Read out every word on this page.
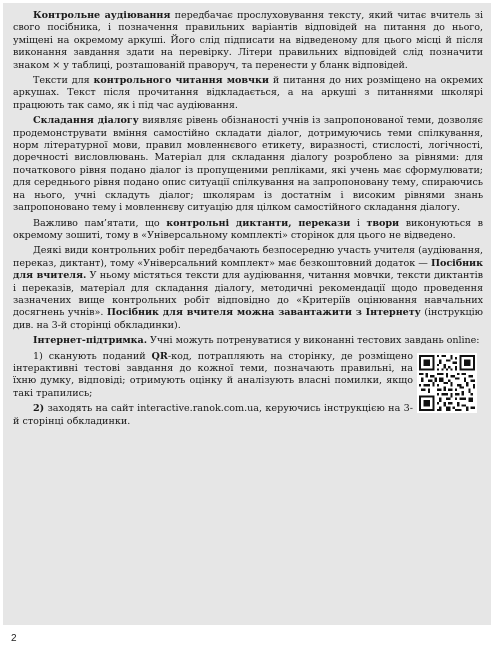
Контрольне аудіювання передбачає прослуховування тексту, який читає вчитель зі свого посібника, і позначення правильних варіантів відповідей на питання до нього, уміщені на окремому аркуші. Його слід підписати на відведеному для цього місці й після виконання завдання здати на перевірку. Літери правильних відповідей слід позначити знаком × у таблиці, розташованій праворуч, та перенести у бланк відповідей.

Тексти для контрольного читання мовчки й питання до них розміщено на окремих аркушах. Текст після прочитання відкладається, а на аркуші з питаннями школярі працюють так само, як і під час аудіювання.

Складання діалогу виявляє рівень обізнаності учнів із запропонованої теми, дозволяє продемонструвати вміння самостійно складати діалог, дотримуючись теми спілкування, норм літературної мови, правил мовленнєвого етикету, виразності, стислості, логічності, доречності висловлювань. Матеріал для складання діалогу розроблено за рівнями: для початкового рівня подано діалог із пропущеними репліками, які учень має сформулювати; для середнього рівня подано опис ситуації спілкування на запропоновану тему, спираючись на нього, учні складуть діалог; школярам із достатнім і високим рівнями знань запропоновано тему і мовленнєву ситуацію для цілком самостійного складання діалогу.

Важливо пам’ятати, що контрольні диктанти, перекази і твори виконуються в окремому зошиті, тому в «Універсальному комплекті» сторінок для цього не відведено.

Деякі види контрольних робіт передбачають безпосередню участь учителя (аудіювання, переказ, диктант), тому «Універсальний комплект» має безкоштовний додаток — Посібник для вчителя. У ньому містяться тексти для аудіювання, читання мовчки, тексти диктантів і переказів, матеріал для складання діалогу, методичні рекомендації щодо проведення зазначених вище контрольних робіт відповідно до «Критеріїв оцінювання навчальних досягнень учнів». Посібник для вчителя можна завантажити з Інтернету (інструкцію див. на 3-й сторінці обкладинки).

Інтернет-підтримка. Учні можуть потренуватися у виконанні тестових завдань online:

1) сканують поданий QR-код, потрапляють на сторінку, де розміщено інтерактивні тестові завдання до кожної теми, позначають правильні, на їхню думку, відповіді; отримують оцінку й аналізують власні помилки, якщо такі трапились;

2) заходять на сайт interactive.ranok.com.ua, керуючись інструкцією на 3-й сторінці обкладинки.

2
